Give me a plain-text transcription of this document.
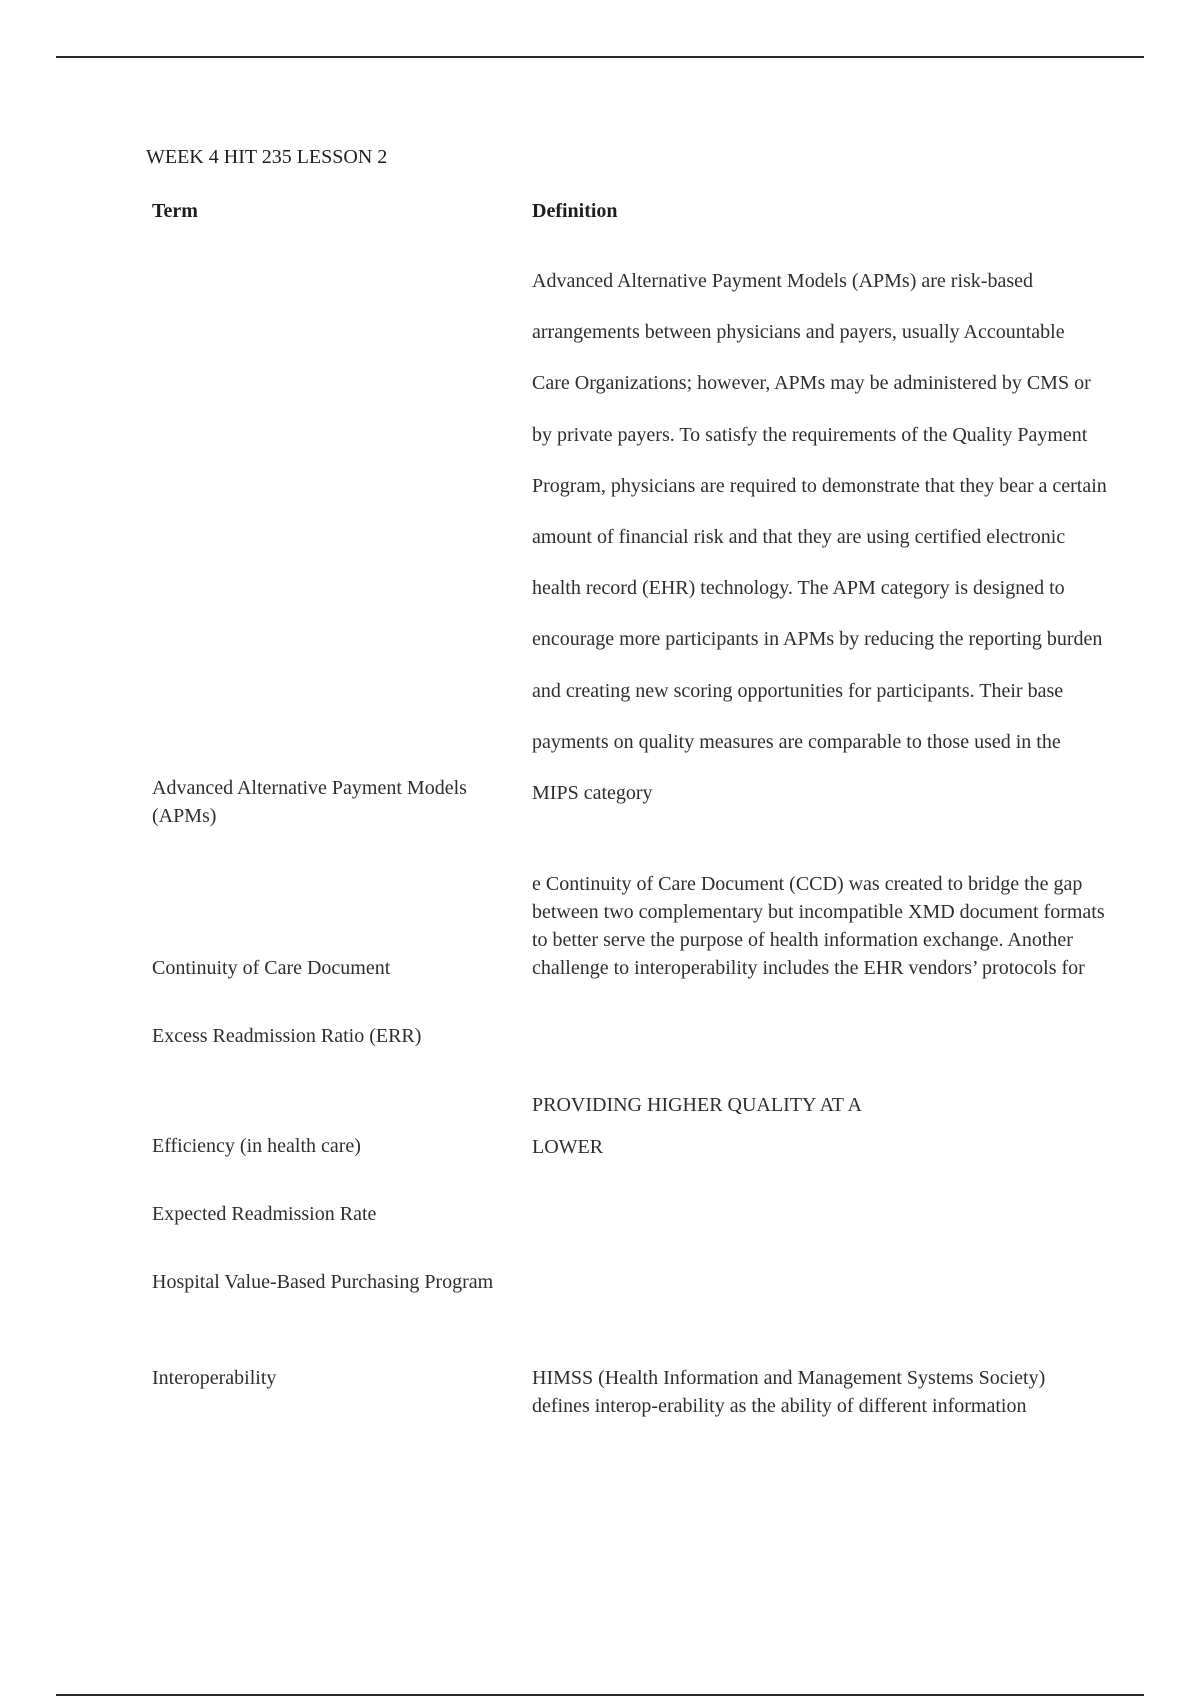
WEEK 4 HIT 235 LESSON 2
Term	Definition
Advanced Alternative Payment Models (APMs) are risk-based
arrangements between physicians and payers, usually Accountable
Care Organizations; however, APMs may be administered by CMS or
by private payers. To satisfy the requirements of the Quality Payment
Program, physicians are required to demonstrate that they bear a certain
amount of financial risk and that they are using certified electronic
health record (EHR) technology. The APM category is designed to
encourage more participants in APMs by reducing the reporting burden
and creating new scoring opportunities for participants. Their base
payments on quality measures are comparable to those used in the
MIPS category
Advanced Alternative Payment Models (APMs)
e Continuity of Care Document (CCD) was created to bridge the gap
between two complementary but incompatible XMD document formats
to better serve the purpose of health information exchange. Another
challenge to interoperability includes the EHR vendors’ protocols for
Continuity of Care Document
Excess Readmission Ratio (ERR)
PROVIDING HIGHER QUALITY AT A
LOWER
Efficiency (in health care)
Expected Readmission Rate
Hospital Value-Based Purchasing Program
Interoperability	HIMSS (Health Information and Management Systems Society)
defines interop-erability as the ability of different information
